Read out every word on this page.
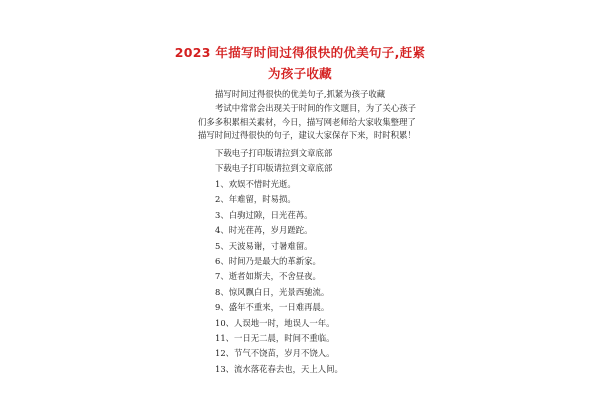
2023 年描写时间过得很快的优美句子,赶紧
为孩子收藏
描写时间过得很快的优美句子,抓紧为孩子收藏
考试中常常会出现关于时间的作文题目，为了关心孩子
们多多积累相关素材，今日，描写网老师给大家收集整理了
描写时间过得很快的句子，建议大家保存下来，时时积累！
下载电子打印版请拉到文章底部
下载电子打印版请拉到文章底部
1、欢娱不惜时光逝。
2、年难留，时易损。
3、白驹过隙，日光荏苒。
4、时光荏苒，岁月蹉跎。
5、天波易谢，寸暑难留。
6、时间乃是最大的革新家。
7、逝者如斯夫，不舍昼夜。
8、惊风飘白日，光景西驰流。
9、盛年不重来，一日难再晨。
10、人误地一时，地误人一年。
11、一日无二晨，时间不重临。
12、节气不饶苗，岁月不饶人。
13、流水落花春去也，天上人间。
